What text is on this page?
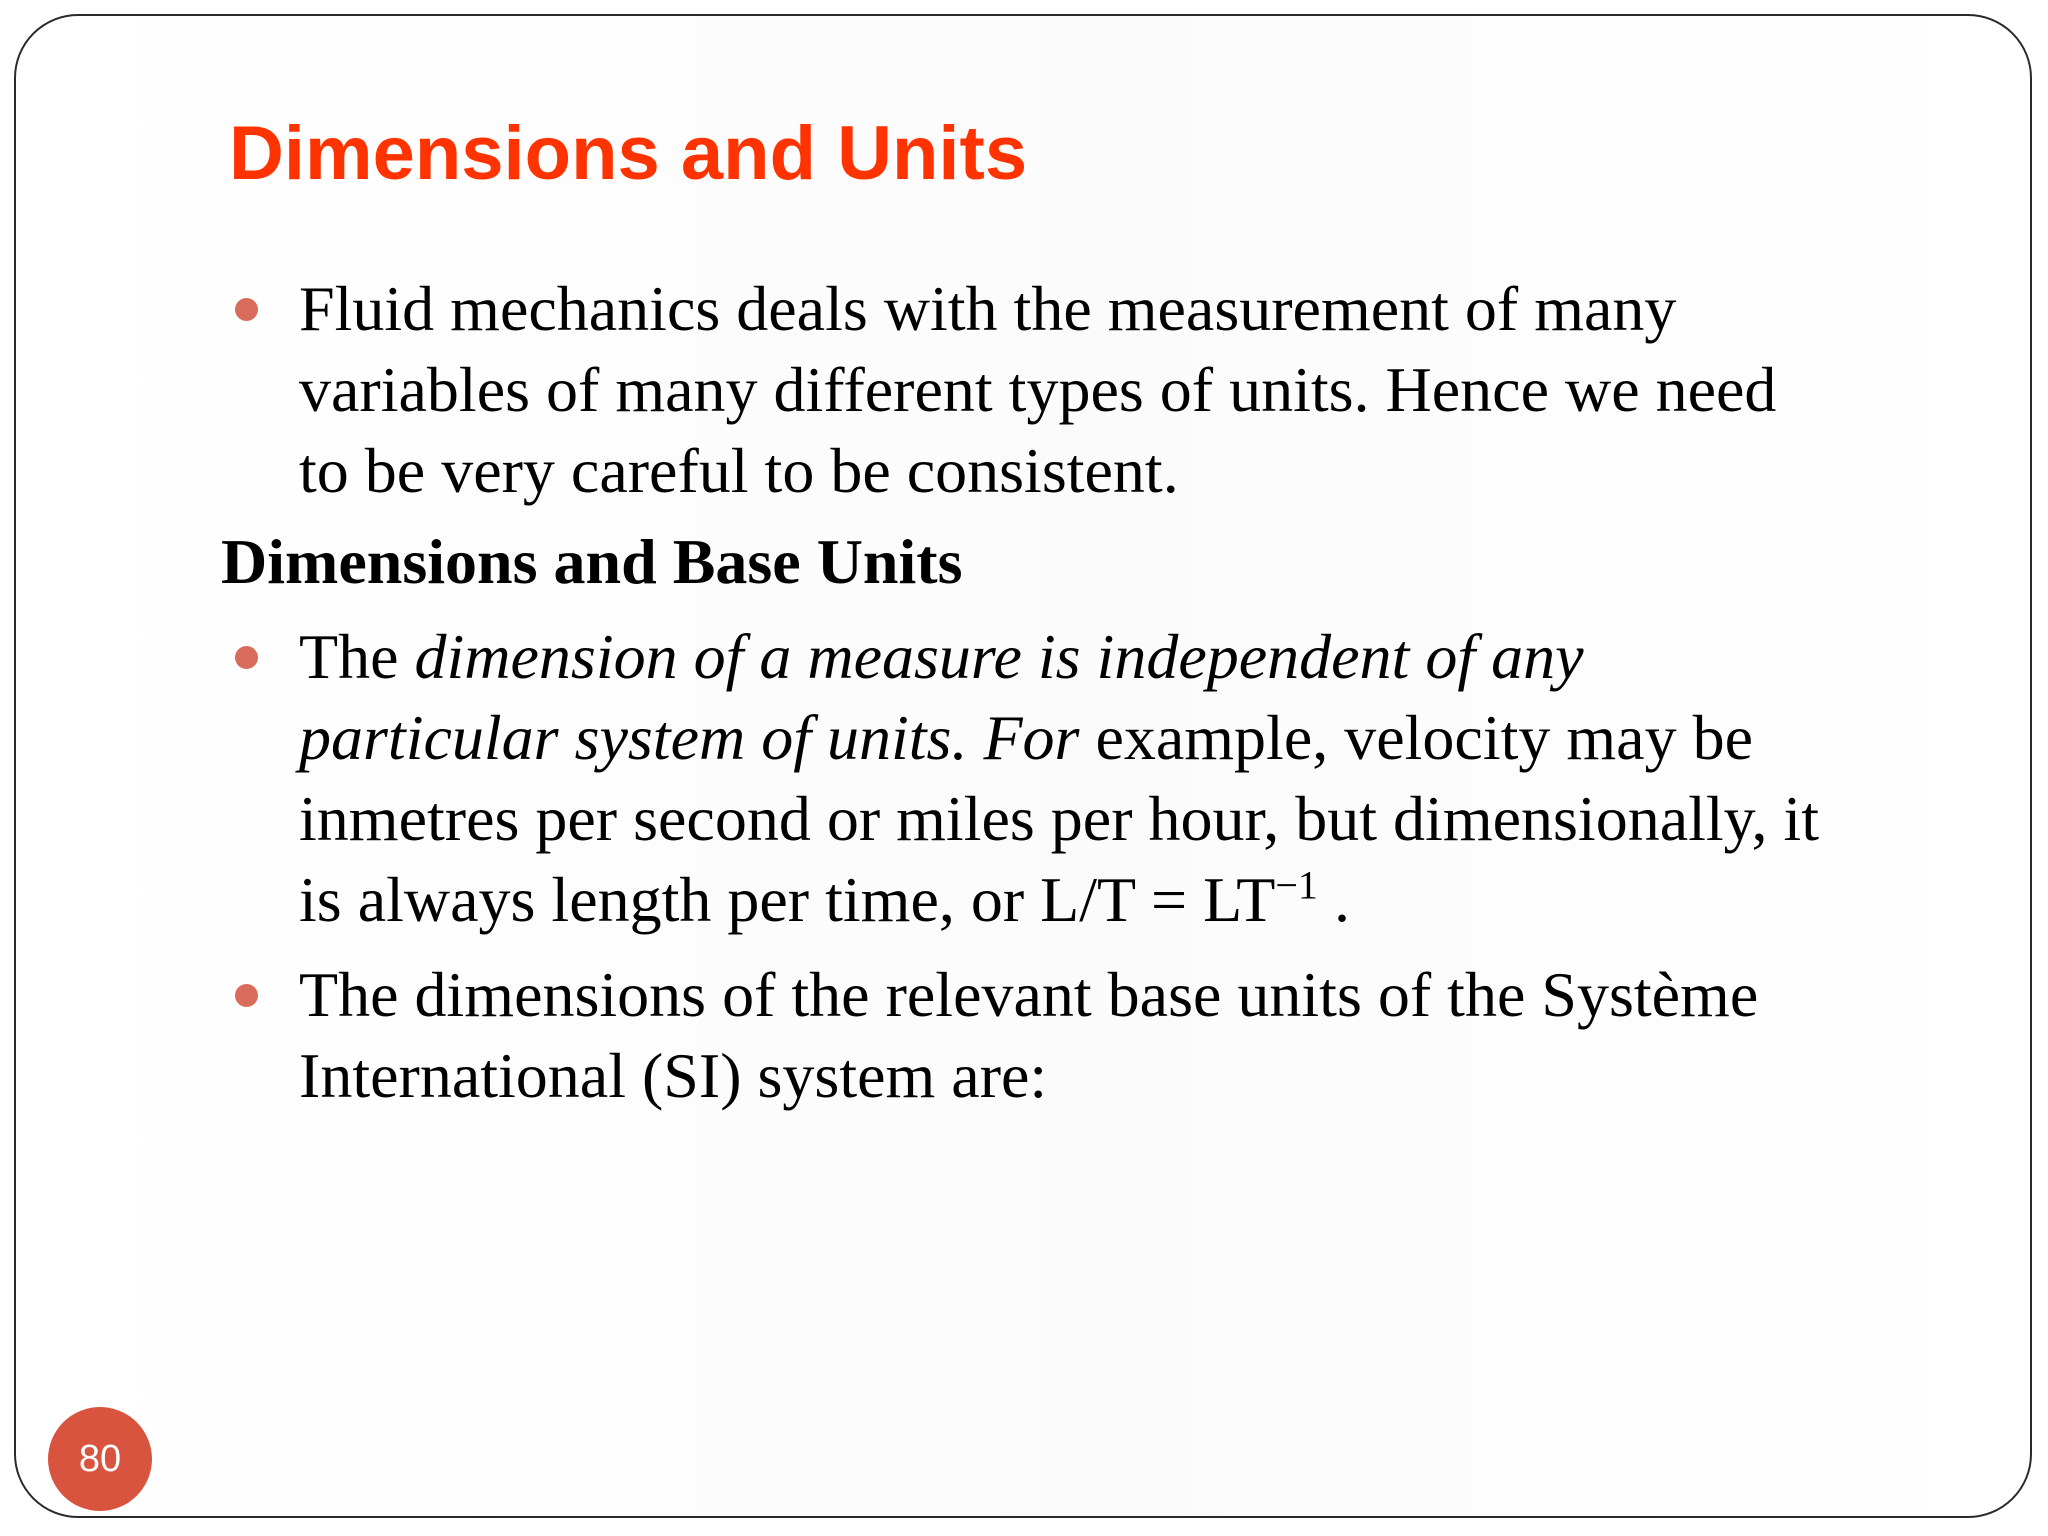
Dimensions and Units
Fluid mechanics deals with the measurement of many
variables of many different types of units. Hence we need
to be very careful to be consistent.
Dimensions and Base Units
The dimension of a measure is independent of any
particular system of units. For example, velocity may be
inmetres per second or miles per hour, but dimensionally, it
is always length per time, or $L/T = LT^{-1}$ .
The dimensions of the relevant base units of the Système
International (SI) system are:
80
